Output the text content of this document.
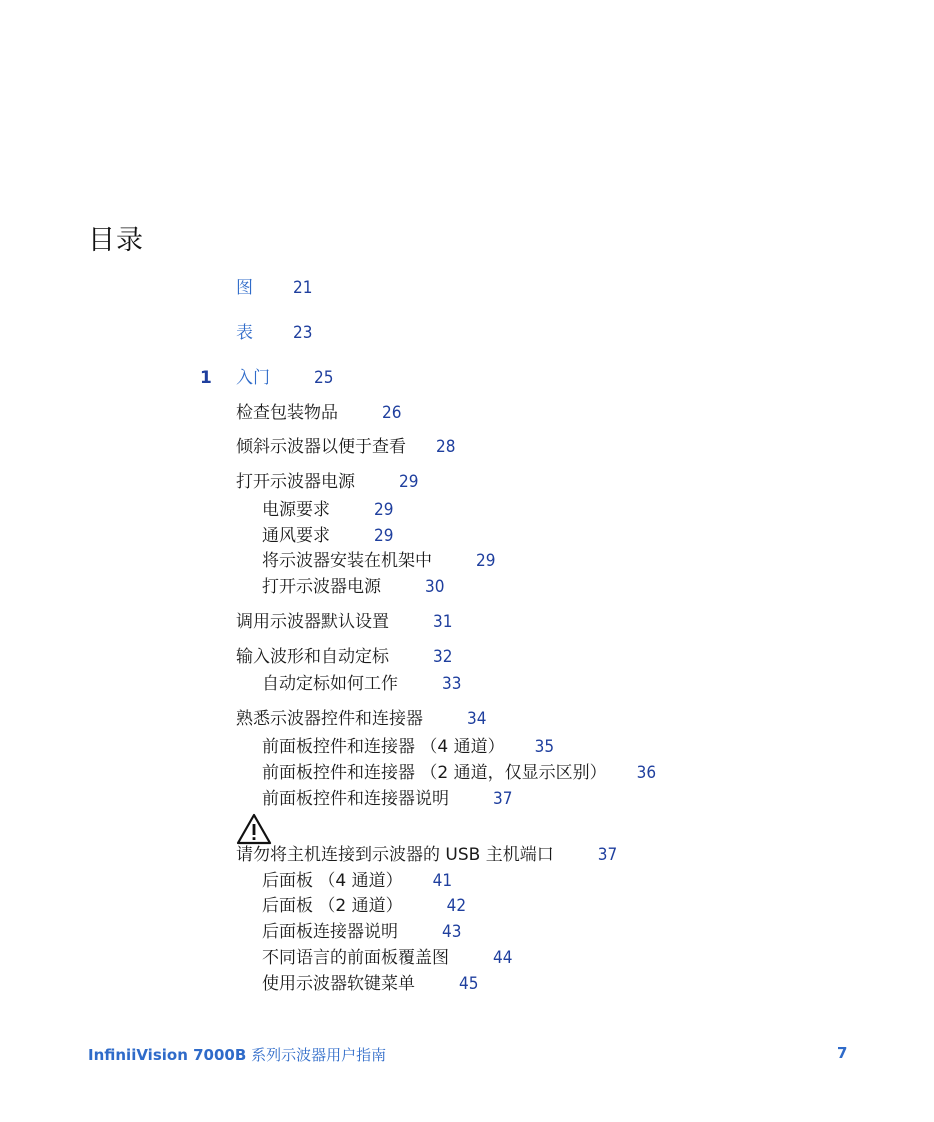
目录
图 21
表 23
1 入门	25
检查包装物品	26
倾斜示波器以便于查看 28
打开示波器电源	29
电源要求	29
通风要求	29
将示波器安装在机架中	29
打开示波器电源	30
调用示波器默认设置	31
输入波形和自动定标	32
自动定标如何工作	33
熟悉示波器控件和连接器	34
前面板控件和连接器 （4 通道） 35
前面板控件和连接器 （2 通道，仅显示区别） 36
前面板控件和连接器说明	37
请勿将主机连接到示波器的 USB 主机端口	37
后面板 （4 通道） 41
后面板 （2 通道）	42
后面板连接器说明	43
不同语言的前面板覆盖图	44
使用示波器软键菜单	45
InfiniiVision 7000B 系列示波器用户指南	7
